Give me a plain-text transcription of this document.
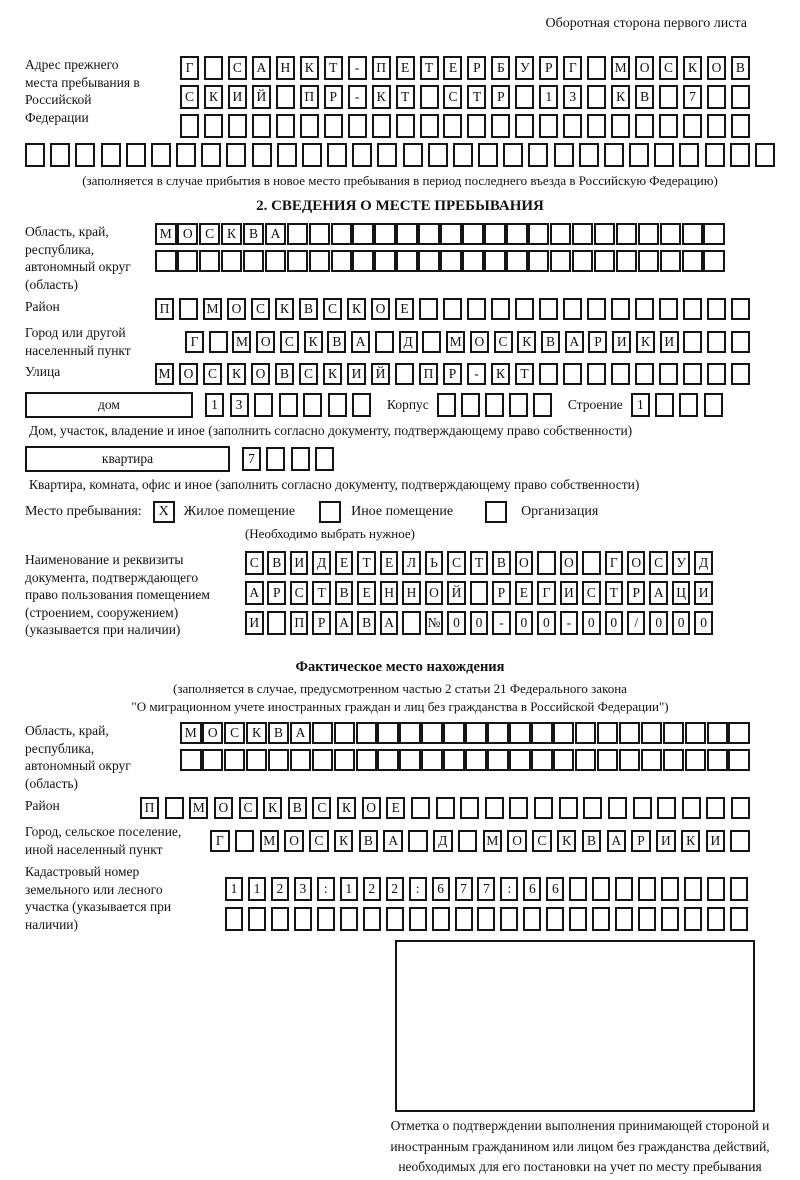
Оборотная сторона первого листа
Адрес прежнего места пребывания в Российской Федерации
Г	С	А	Н	К	Т	-	П	Е	Т	Е	Р	Б	У	Р	Г	М О	С	К	О	В
С	К	И	Й	П	Р	-	К	Т	С	Т	Р	1	3	К	В	7
(заполняется в случае прибытия в новое место пребывания в период последнего въезда в Российскую Федерацию)
2. СВЕДЕНИЯ О МЕСТЕ ПРЕБЫВАНИЯ
Область, край, республика, автономный округ (область)
М О С К В А
Район	П	М О	С	К	В	С	К	О	Е
Город или другой населенный пункт
Г	М О	С	К	В	А	Д	М О	С	К	В	А	Р	И	К	И
Улица	М О	С	К	О	В	С	К	И	Й	П	Р	-	К	Т
дом	1	3	Корпус	Строение	1
Дом, участок, владение и иное (заполнить согласно документу, подтверждающему право собственности)
квартира	7
Квартира, комната, офис и иное (заполнить согласно документу, подтверждающему право собственности)
Место пребывания:	X	Жилое помещение	Иное помещение	Организация
(Необходимо выбрать нужное)
Наименование и реквизиты документа, подтверждающего право пользования помещением (строением, сооружением) (указывается при наличии)
С В И Д	Е	Т	Е	Л	Ь	С	Т	В О	О	Г	О С У Д
А	Р	С	Т	В	Е Н Н О Й	Р	Е	Г	И С	Т	Р	А Ц И
И	П	Р	А В А	№ 0	0	-	0	0	-	0	0	/	0	0	0
Фактическое место нахождения
(заполняется в случае, предусмотренном частью 2 статьи 21 Федерального закона
"О миграционном учете иностранных граждан и лиц без гражданства в Российской Федерации")
Область, край, республика, автономный округ (область)
М О С К В А
Район	П	М	О	С	К	В	С	К	О	Е
Город, сельское поселение, иной населенный пункт
Г	М	О	С	К	В	А	Д	М	О	С	К	В	А	Р	И	К	И
Кадастровый номер земельного или лесного участка (указывается при наличии)
1	1	2	3	:	1	2	2	:	6	7	7	:	6	6
Отметка о подтверждении выполнения принимающей стороной и иностранным гражданином или лицом без гражданства действий, необходимых для его постановки на учет по месту пребывания
